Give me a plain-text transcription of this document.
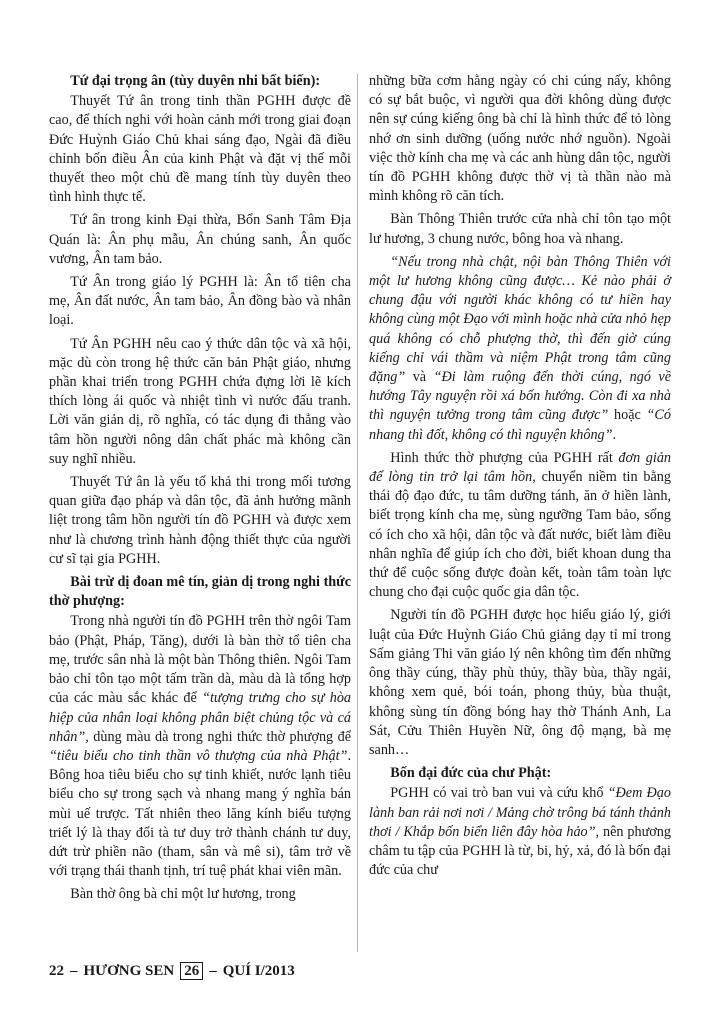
Tứ đại trọng ân (tùy duyên nhi bất biến):

Thuyết Tứ ân trong tinh thần PGHH được đề cao, để thích nghi với hoàn cảnh mới trong giai đoạn Đức Huỳnh Giáo Chủ khai sáng đạo, Ngài đã điều chỉnh bốn điều Ân của kinh Phật và đặt vị thế mỗi thuyết theo một chủ đề mang tính tùy duyên theo tình hình thực tế.

Tứ ân trong kinh Đại thừa, Bổn Sanh Tâm Địa Quán là: Ân phụ mẫu, Ân chúng sanh, Ân quốc vương, Ân tam bảo.

Tứ Ân trong giáo lý PGHH là: Ân tổ tiên cha mẹ, Ân đất nước, Ân tam bảo, Ân đồng bào và nhân loại.

Tứ Ân PGHH nêu cao ý thức dân tộc và xã hội, mặc dù còn trong hệ thức căn bản Phật giáo, nhưng phần khai triển trong PGHH chứa đựng lời lẽ kích thích lòng ái quốc và nhiệt tình vì nước đấu tranh. Lời văn giản dị, rõ nghĩa, có tác dụng đi thẳng vào tâm hồn người nông dân chất phác mà không cần suy nghĩ nhiều.

Thuyết Tứ ân là yếu tố khả thi trong mối tương quan giữa đạo pháp và dân tộc, đã ảnh hưởng mãnh liệt trong tâm hồn người tín đồ PGHH và được xem như là chương trình hành động thiết thực của người cư sĩ tại gia PGHH.

Bài trừ dị đoan mê tín, giản dị trong nghi thức thờ phượng:

Trong nhà người tín đồ PGHH trên thờ ngôi Tam bảo (Phật, Pháp, Tăng), dưới là bàn thờ tổ tiên cha mẹ, trước sân nhà là một bàn Thông thiên. Ngôi Tam bảo chỉ tôn tạo một tấm trần dà, màu dà là tổng hợp của các màu sắc khác để “tượng trưng cho sự hòa hiệp của nhân loại không phân biệt chủng tộc và cá nhân”, dùng màu dà trong nghi thức thờ phượng để “tiêu biểu cho tinh thần vô thượng của nhà Phật”. Bông hoa tiêu biểu cho sự tinh khiết, nước lạnh tiêu biểu cho sự trong sạch và nhang mang ý nghĩa bán mùi uế trược. Tất nhiên theo lăng kính biểu tượng triết lý là thay đổi tà tư duy trở thành chánh tư duy, dứt trừ phiền não (tham, sân và mê si), tâm trở về với trạng thái thanh tịnh, trí tuệ phát khai viên mãn.

Bàn thờ ông bà chỉ một lư hương, trong

những bữa cơm hằng ngày có chi cúng nấy, không có sự bắt buộc, vì người qua đời không dùng được nên sự cúng kiếng ông bà chỉ là hình thức để tỏ lòng nhớ ơn sinh dưỡng (uống nước nhớ nguồn). Ngoài việc thờ kính cha mẹ và các anh hùng dân tộc, người tín đồ PGHH không được thờ vị tà thần nào mà mình không rõ căn tích.

Bàn Thông Thiên trước cửa nhà chỉ tôn tạo một lư hương, 3 chung nước, bông hoa và nhang.

“Nếu trong nhà chật, nội bàn Thông Thiên với một lư hương không cũng được… Kẻ nào phải ở chung đậu với người khác không có tư hiền hay không cùng một Đạo với mình hoặc nhà cửa nhỏ hẹp quá không có chỗ phượng thờ, thì đến giờ cúng kiếng chỉ vái thầm và niệm Phật trong tâm cũng đặng” và “Đi làm ruộng đến thời cúng, ngó về hướng Tây nguyện rồi xá bốn hướng. Còn đi xa nhà thì nguyện tưởng trong tâm cũng được” hoặc “Có nhang thì đốt, không có thì nguyện không”.

Hình thức thờ phượng của PGHH rất đơn giản để lòng tin trở lại tâm hồn, chuyển niềm tin bằng thái độ đạo đức, tu tâm dưỡng tánh, ăn ở hiền lành, biết trọng kính cha mẹ, sùng ngưỡng Tam bảo, sống có ích cho xã hội, dân tộc và đất nước, biết làm điều nhân nghĩa để giúp ích cho đời, biết khoan dung tha thứ để cuộc sống được đoàn kết, toàn tâm toàn lực chung cho đại cuộc quốc gia dân tộc.

Người tín đồ PGHH được học hiểu giáo lý, giới luật của Đức Huỳnh Giáo Chủ giảng dạy tỉ mỉ trong Sấm giảng Thi văn giáo lý nên không tìm đến những ông thầy cúng, thầy phù thủy, thầy bùa, thầy ngải, không xem quẻ, bói toán, phong thủy, bùa thuật, không sùng tín đồng bóng hay thờ Thánh Anh, La Sát, Cửu Thiên Huyền Nữ, ông độ mạng, bà mẹ sanh…

Bốn đại đức của chư Phật:

PGHH có vai trò ban vui và cứu khổ “Đem Đạo lành ban rải nơi nơi / Mảng chờ trông bá tánh thảnh thơi / Khắp bốn biển liên đây hòa hảo”, nên phương châm tu tập của PGHH là từ, bi, hỷ, xả, đó là bốn đại đức của chư

22 – HƯƠNG SEN 26 – QUÍ I/2013
